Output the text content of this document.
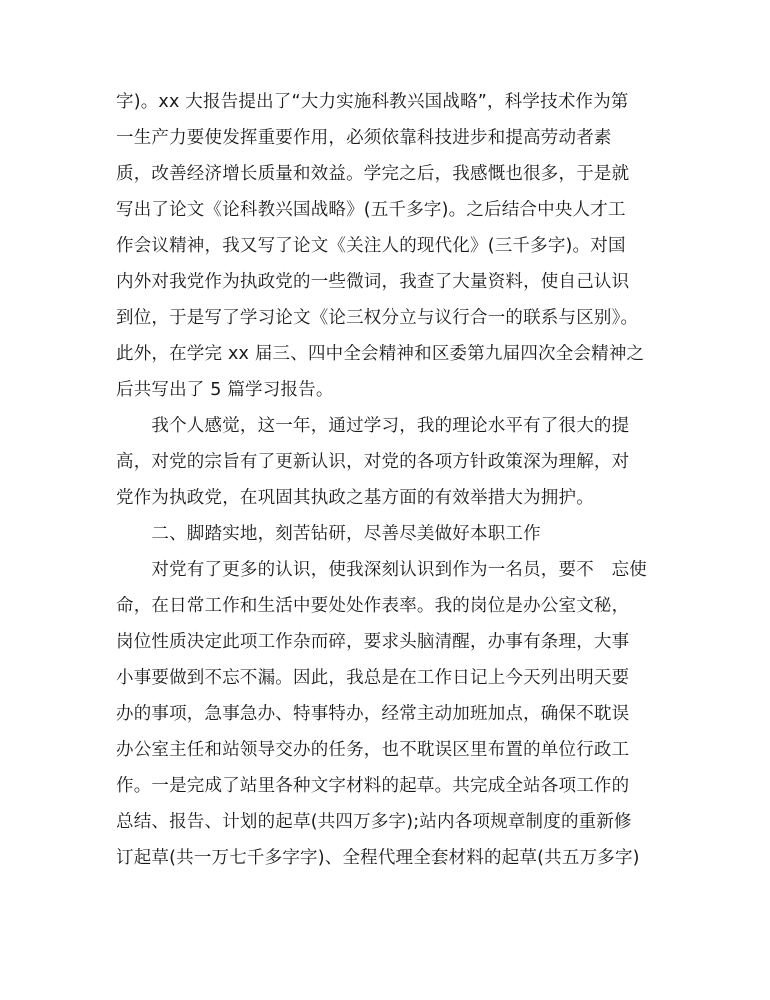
字)。xx 大报告提出了“大力实施科教兴国战略”，科学技术作为第
一生产力要使发挥重要作用，必须依靠科技进步和提高劳动者素
质，改善经济增长质量和效益。学完之后，我感慨也很多，于是就
写出了论文《论科教兴国战略》(五千多字)。之后结合中央人才工
作会议精神，我又写了论文《关注人的现代化》(三千多字)。对国
内外对我党作为执政党的一些微词，我查了大量资料，使自己认识
到位，于是写了学习论文《论三权分立与议行合一的联系与区别》。
此外，在学完 xx 届三、四中全会精神和区委第九届四次全会精神之
后共写出了 5 篇学习报告。
　　我个人感觉，这一年，通过学习，我的理论水平有了很大的提
高，对党的宗旨有了更新认识，对党的各项方针政策深为理解，对
党作为执政党，在巩固其执政之基方面的有效举措大为拥护。
　　二、脚踏实地，刻苦钻研，尽善尽美做好本职工作
　　对党有了更多的认识，使我深刻认识到作为一名员，要不　忘使
命，在日常工作和生活中要处处作表率。我的岗位是办公室文秘，
岗位性质决定此项工作杂而碎，要求头脑清醒，办事有条理，大事
小事要做到不忘不漏。因此，我总是在工作日记上今天列出明天要
办的事项，急事急办、特事特办，经常主动加班加点，确保不耽误
办公室主任和站领导交办的任务，也不耽误区里布置的单位行政工
作。一是完成了站里各种文字材料的起草。共完成全站各项工作的
总结、报告、计划的起草(共四万多字);站内各项规章制度的重新修
订起草(共一万七千多字字)、全程代理全套材料的起草(共五万多字)
